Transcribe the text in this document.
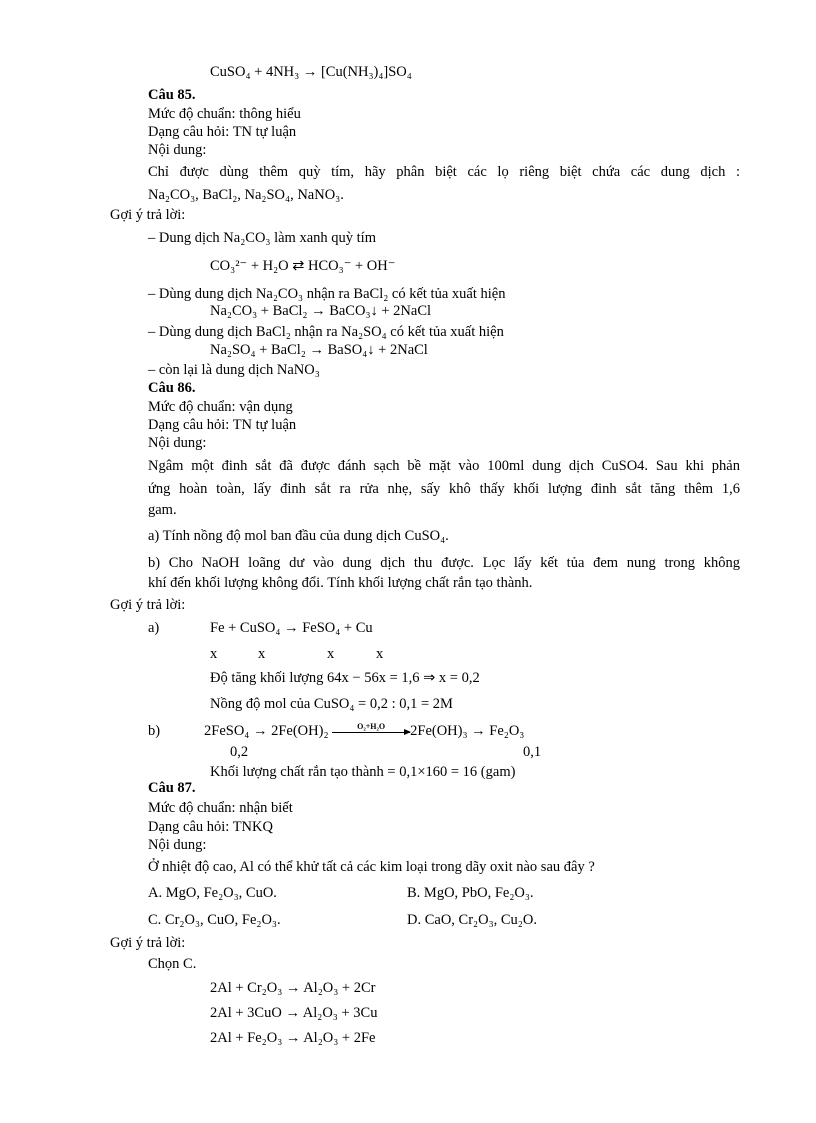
CuSO₄ + 4NH₃ → [Cu(NH₃)₄]SO₄
Câu 85.
Mức độ chuẩn: thông hiểu
Dạng câu hỏi: TN tự luận
Nội dung:
Chỉ được dùng thêm quỳ tím, hãy phân biệt các lọ riêng biệt chứa các dung dịch :
Na₂CO₃, BaCl₂, Na₂SO₄, NaNO₃.
Gợi ý trả lời:
– Dung dịch Na₂CO₃ làm xanh quỳ tím
CO₃²⁻ + H₂O ⇄ HCO₃⁻ + OH⁻
– Dùng dung dịch Na₂CO₃ nhận ra BaCl₂ có kết tủa xuất hiện
Na₂CO₃ + BaCl₂ → BaCO₃↓ + 2NaCl
– Dùng dung dịch BaCl₂ nhận ra Na₂SO₄ có kết tủa xuất hiện
Na₂SO₄ + BaCl₂ → BaSO₄↓ + 2NaCl
– còn lại là dung dịch NaNO₃
Câu 86.
Mức độ chuẩn: vận dụng
Dạng câu hỏi: TN tự luận
Nội dung:
Ngâm một đinh sắt đã được đánh sạch bề mặt vào 100ml dung dịch CuSO4. Sau khi phản
ứng hoàn toàn, lấy đinh sắt ra rửa nhẹ, sấy khô thấy khối lượng đinh sắt tăng thêm 1,6
gam.
a) Tính nồng độ mol ban đầu của dung dịch CuSO₄.
b) Cho NaOH loãng dư vào dung dịch thu được. Lọc lấy kết tủa đem nung trong không
khí đến khối lượng không đổi. Tính khối lượng chất rắn tạo thành.
Gợi ý trả lời:
a)	Fe + CuSO₄ → FeSO₄ + Cu
x	x	x	x
Độ tăng khối lượng 64x − 56x = 1,6 ⇒ x = 0,2
Nồng độ mol của CuSO₄ = 0,2 : 0,1 = 2M
b)	2FeSO₄ → 2Fe(OH)₂	O₂+H₂O	2Fe(OH)₃ → Fe₂O₃
0,2	0,1
Khối lượng chất rắn tạo thành = 0,1×160 = 16 (gam)
Câu 87.
Mức độ chuẩn: nhận biết
Dạng câu hỏi: TNKQ
Nội dung:
Ở nhiệt độ cao, Al có thể khử tất cả các kim loại trong dãy oxit nào sau đây ?
A. MgO, Fe₂O₃, CuO.	B. MgO, PbO, Fe₂O₃.
C. Cr₂O₃, CuO, Fe₂O₃.	D. CaO, Cr₂O₃, Cu₂O.
Gợi ý trả lời:
Chọn C.
2Al + Cr₂O₃ → Al₂O₃ + 2Cr
2Al + 3CuO → Al₂O₃ + 3Cu
2Al + Fe₂O₃ → Al₂O₃ + 2Fe
